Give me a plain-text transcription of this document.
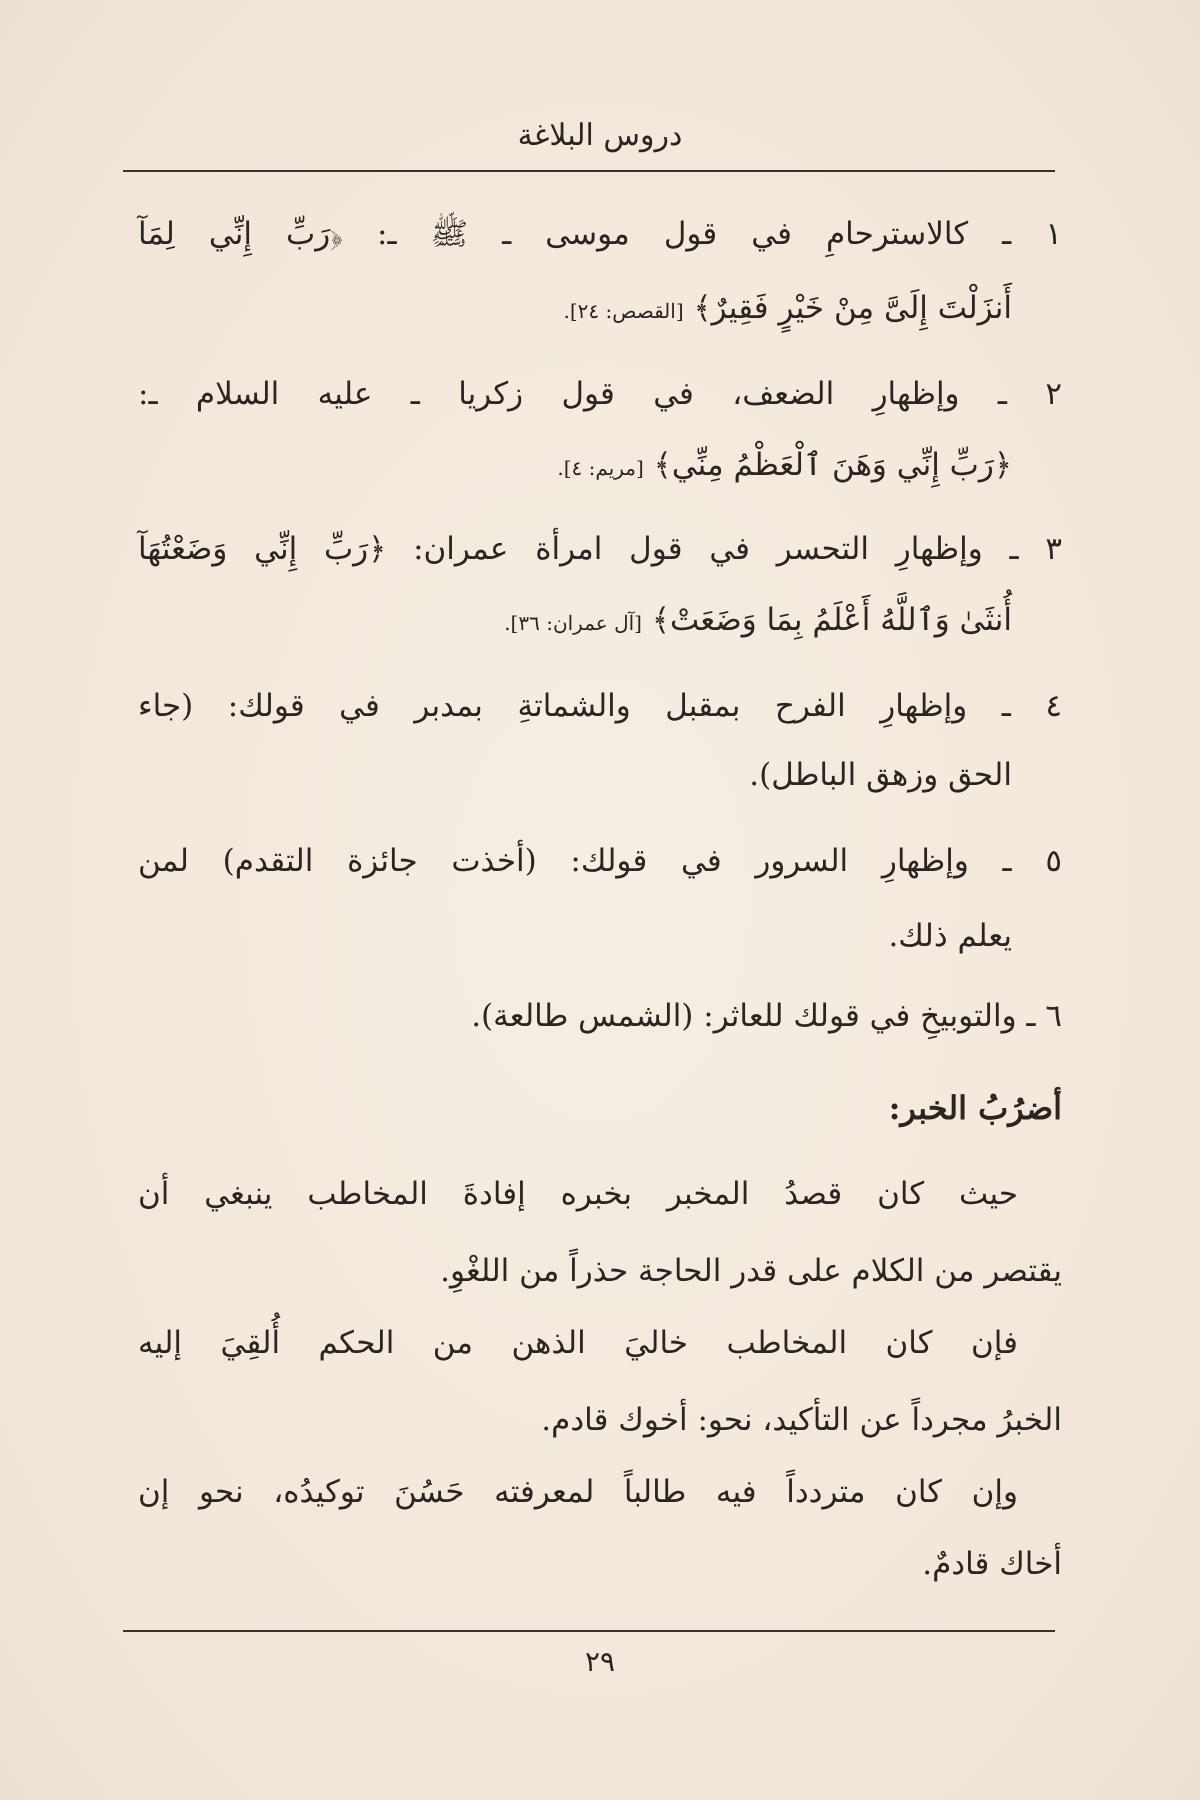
دروس البلاغة
١ ـ كالاسترحامِ في قول موسى ـ ﷺ ـ: ﴿رَبِّ إِنِّي لِمَآ
أَنزَلْتَ إِلَىَّ مِنْ خَيْرٍ فَقِيرٌ﴾ [القصص: ٢٤].
٢ ـ وإظهارِ الضعف، في قول زكريا ـ عليه السلام ـ:
﴿رَبِّ إِنِّي وَهَنَ ٱلْعَظْمُ مِنِّي﴾ [مريم: ٤].
٣ ـ وإظهارِ التحسر في قول امرأة عمران: ﴿رَبِّ إِنِّي وَضَعْتُهَآ
أُنثَىٰ وَٱللَّهُ أَعْلَمُ بِمَا وَضَعَتْ﴾ [آل عمران: ٣٦].
٤ ـ وإظهارِ الفرح بمقبل والشماتةِ بمدبر في قولك: (جاء
الحق وزهق الباطل).
٥ ـ وإظهارِ السرور في قولك: (أخذت جائزة التقدم) لمن
يعلم ذلك.
٦ ـ والتوبيخِ في قولك للعاثر: (الشمس طالعة).
أضرُبُ الخبر:
حيث كان قصدُ المخبر بخبره إفادةَ المخاطب ينبغي أن
يقتصر من الكلام على قدر الحاجة حذراً من اللغْوِ.
فإن كان المخاطب خاليَ الذهن من الحكم أُلقِيَ إليه
الخبرُ مجرداً عن التأكيد، نحو: أخوك قادم.
وإن كان متردداً فيه طالباً لمعرفته حَسُنَ توكيدُه، نحو إن
أخاك قادمٌ.
٢٩
